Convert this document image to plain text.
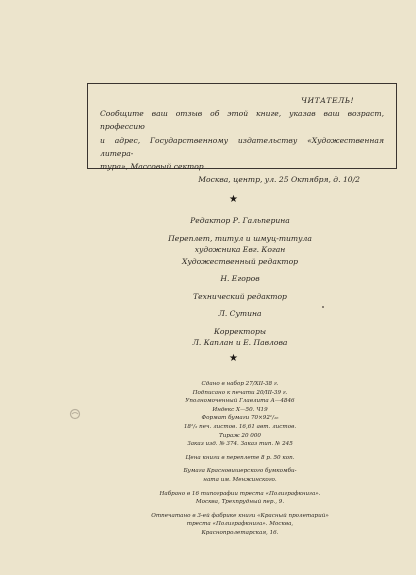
ЧИТАТЕЛЬ!
Сообщите ваш отзыв об этой книге, указав ваш возраст, профессию
и адрес, Государственному издательству «Художественная литера-
тура», Массовый сектор
Москва, центр, ул. 25 Октября, д. 10/2
★

Редактор Р. Гальперина

Переплет, титул и шмуц-титула

художника Евг. Коган

Художественный редактор

Н. Егоров

Технический редактор

Л. Сутина

Корректоры

Л. Каплан и Е. Павлова

★

Сдано в набор 27/XII-38 г.

Подписано к печати 20/III-39 г.

Уполномоченный Главлита А—4846

Индекс Х—50. Ч19

Формат бумаги 70×92¹/₁₆

18¹/₂ печ. листов. 16,61 авт. листов.

Тираж 20 000

Заказ изд. № 374. Заказ тип. № 245

Цена книги в переплете 8 р. 50 коп.

Бумага Красновишерского бумкомби-

ната им. Менжинского.

Набрано в 16 типографии треста «Полиграфкнига».

Москва, Трехпрудный пер., 9.

Отпечатано в 3-ей фабрике книги «Красный пролетарий»

треста «Полиграфкнига». Москва,

Краснопролетарская, 16.
